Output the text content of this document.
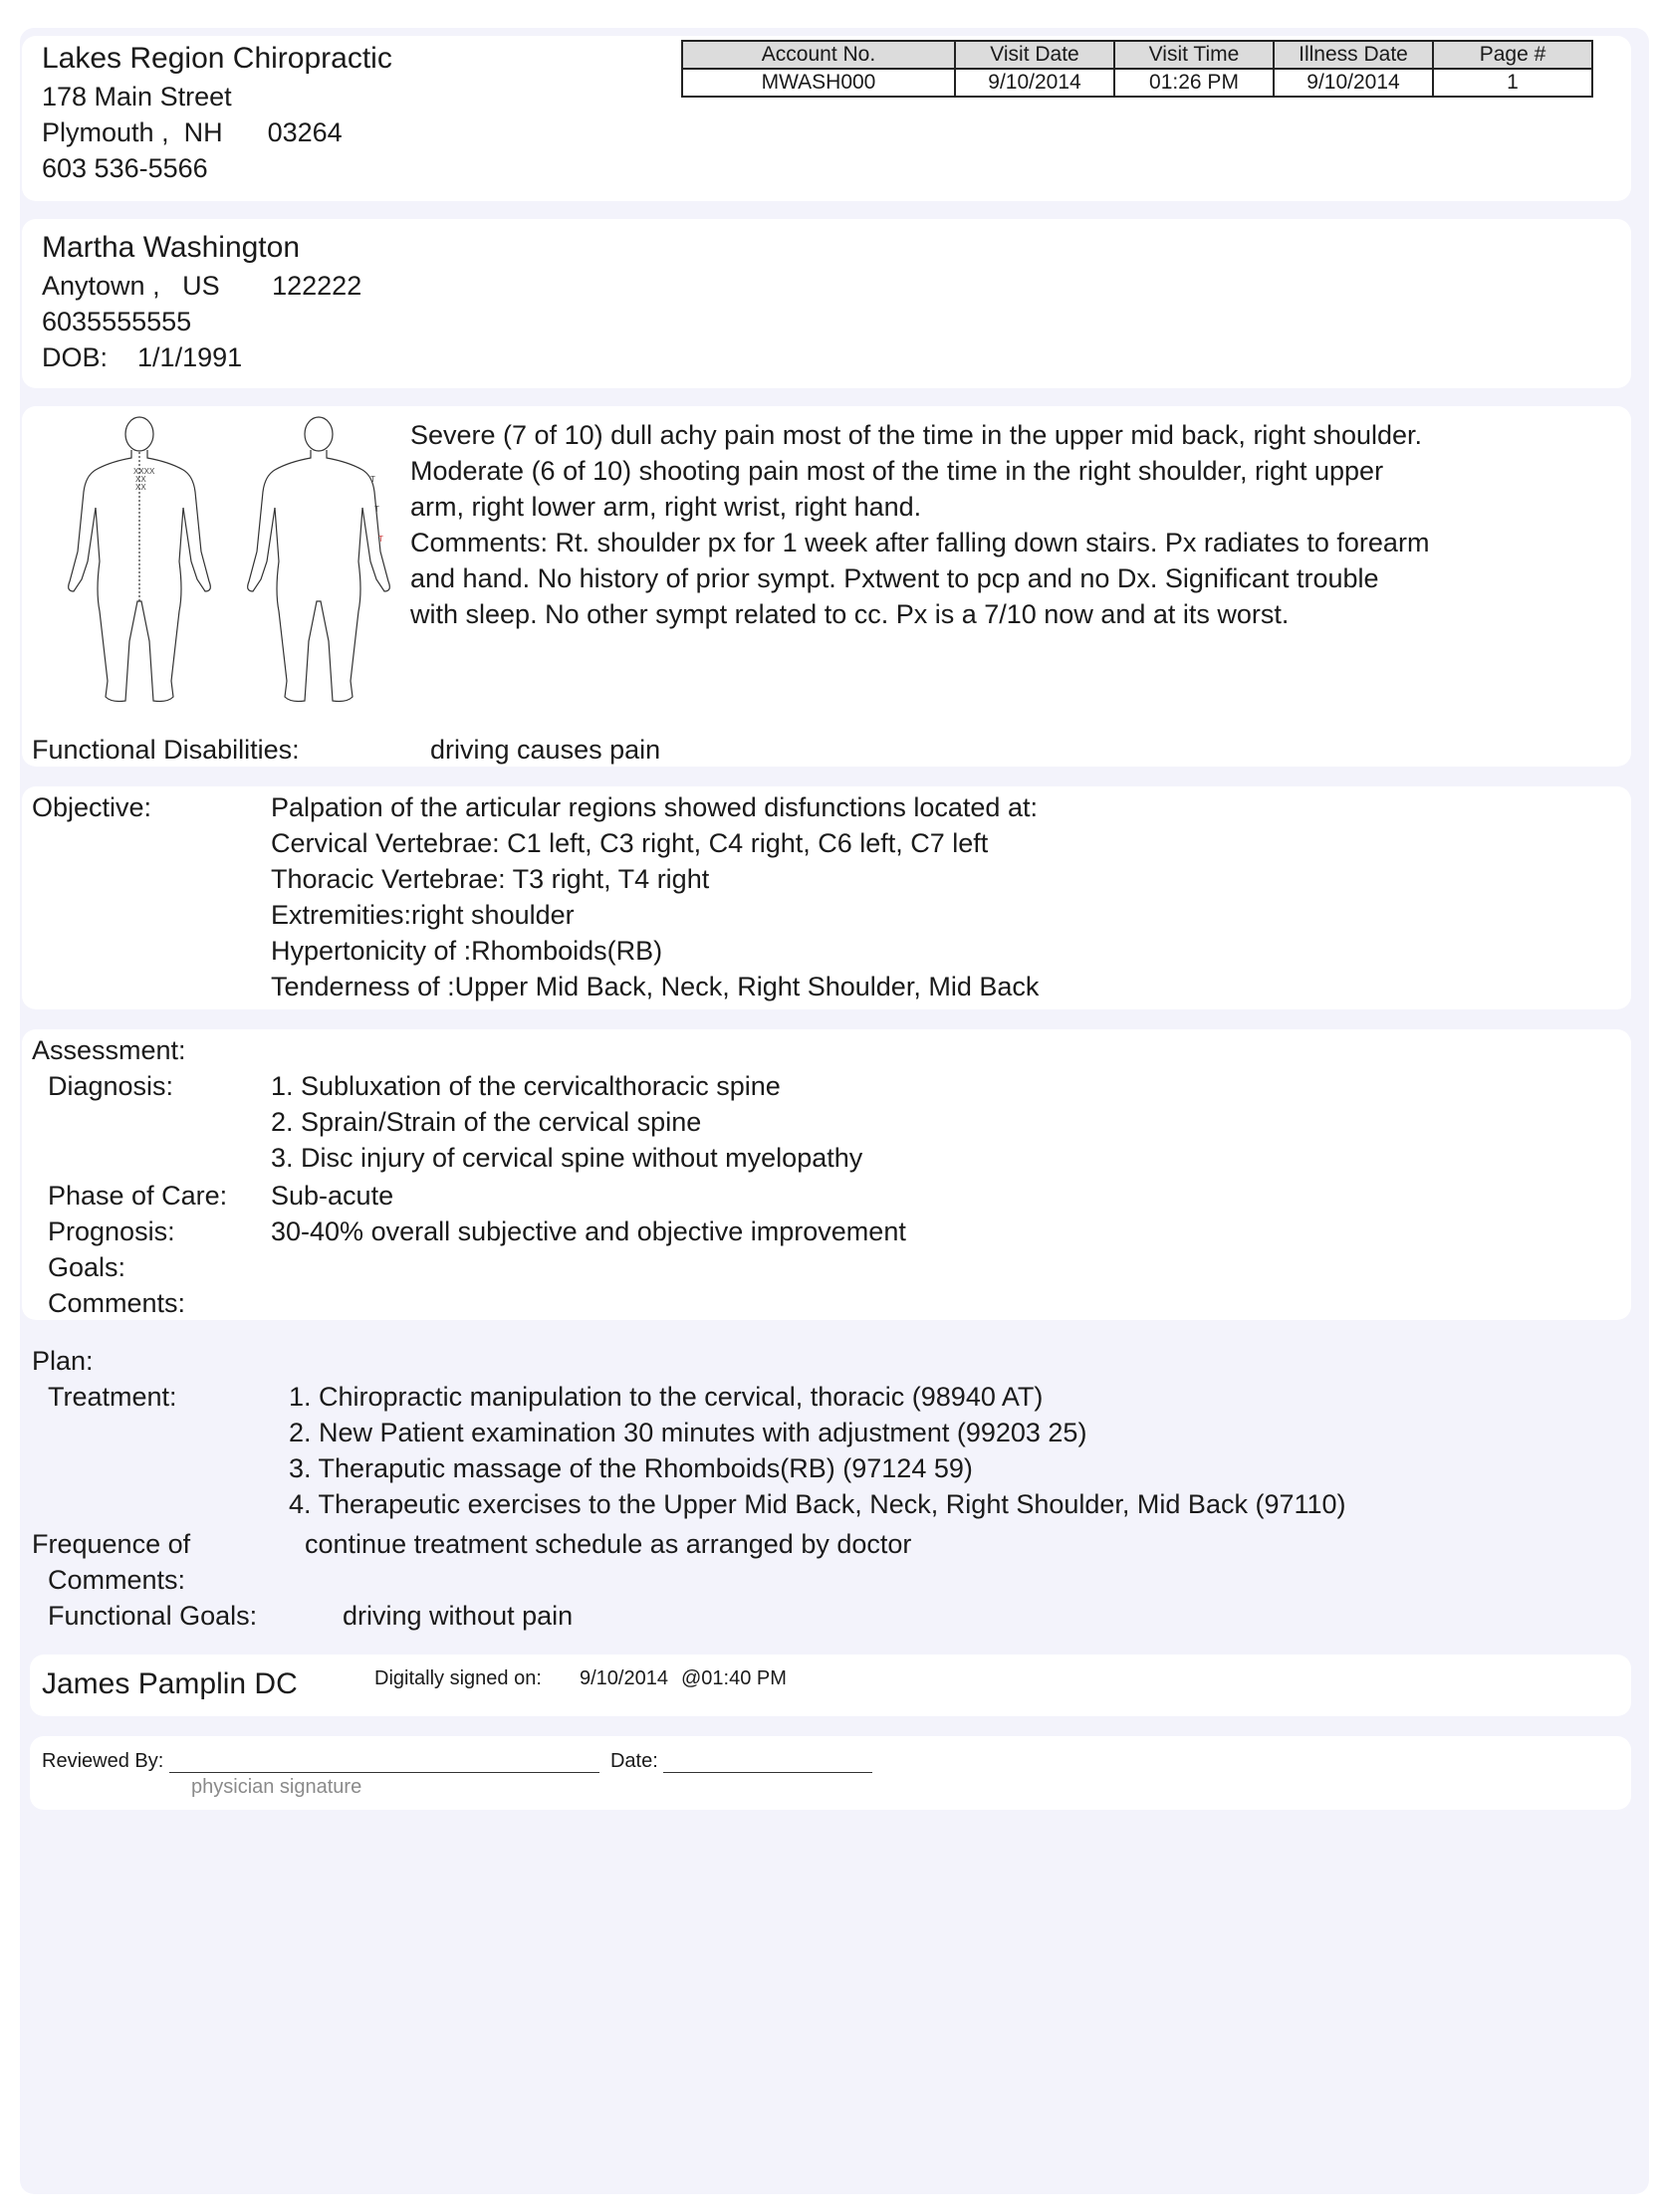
Lakes Region Chiropractic
178 Main Street
Plymouth ,  NH 03264
603 536-5566
Account No.	Visit Date	Visit Time	Illness Date	Page #
MWASH000	9/10/2014	01:26 PM	9/10/2014	1
Martha Washington
Anytown ,   US 122222
6035555555
DOB: 1/1/1991
XXXX
XX
XX
T
T
T
Severe (7 of 10) dull achy pain most of the time in the upper mid back, right shoulder.
Moderate (6 of 10) shooting pain most of the time in the right shoulder, right upper
arm, right lower arm, right wrist, right hand.
Comments: Rt. shoulder px for 1 week after falling down stairs. Px radiates to forearm
and hand. No history of prior sympt. Pxtwent to pcp and no Dx. Significant trouble
with sleep. No other sympt related to cc. Px is a 7/10 now and at its worst.
Functional Disabilities:	driving causes pain
Objective:	Palpation of the articular regions showed disfunctions located at:
Cervical Vertebrae: C1 left, C3 right, C4 right, C6 left, C7 left
Thoracic Vertebrae: T3 right, T4 right
Extremities:right shoulder
Hypertonicity of :Rhomboids(RB)
Tenderness of :Upper Mid Back, Neck, Right Shoulder, Mid Back
Assessment:
Diagnosis:	1. Subluxation of the cervicalthoracic spine
2. Sprain/Strain of the cervical spine
3. Disc injury of cervical spine without myelopathy
Phase of Care: Sub-acute
Prognosis:	30-40% overall subjective and objective improvement
Goals:
Comments:
Plan:
Treatment:	1. Chiropractic manipulation to the cervical, thoracic (98940 AT)
2. New Patient examination 30 minutes with adjustment (99203 25)
3. Theraputic massage of the Rhomboids(RB) (97124 59)
4. Therapeutic exercises to the Upper Mid Back, Neck, Right Shoulder, Mid Back (97110)
Frequence of	continue treatment schedule as arranged by doctor
Comments:
Functional Goals:	driving without pain
James Pamplin DC	Digitally signed on: 9/10/2014 @01:40 PM
Reviewed By:	Date:
physician signature
